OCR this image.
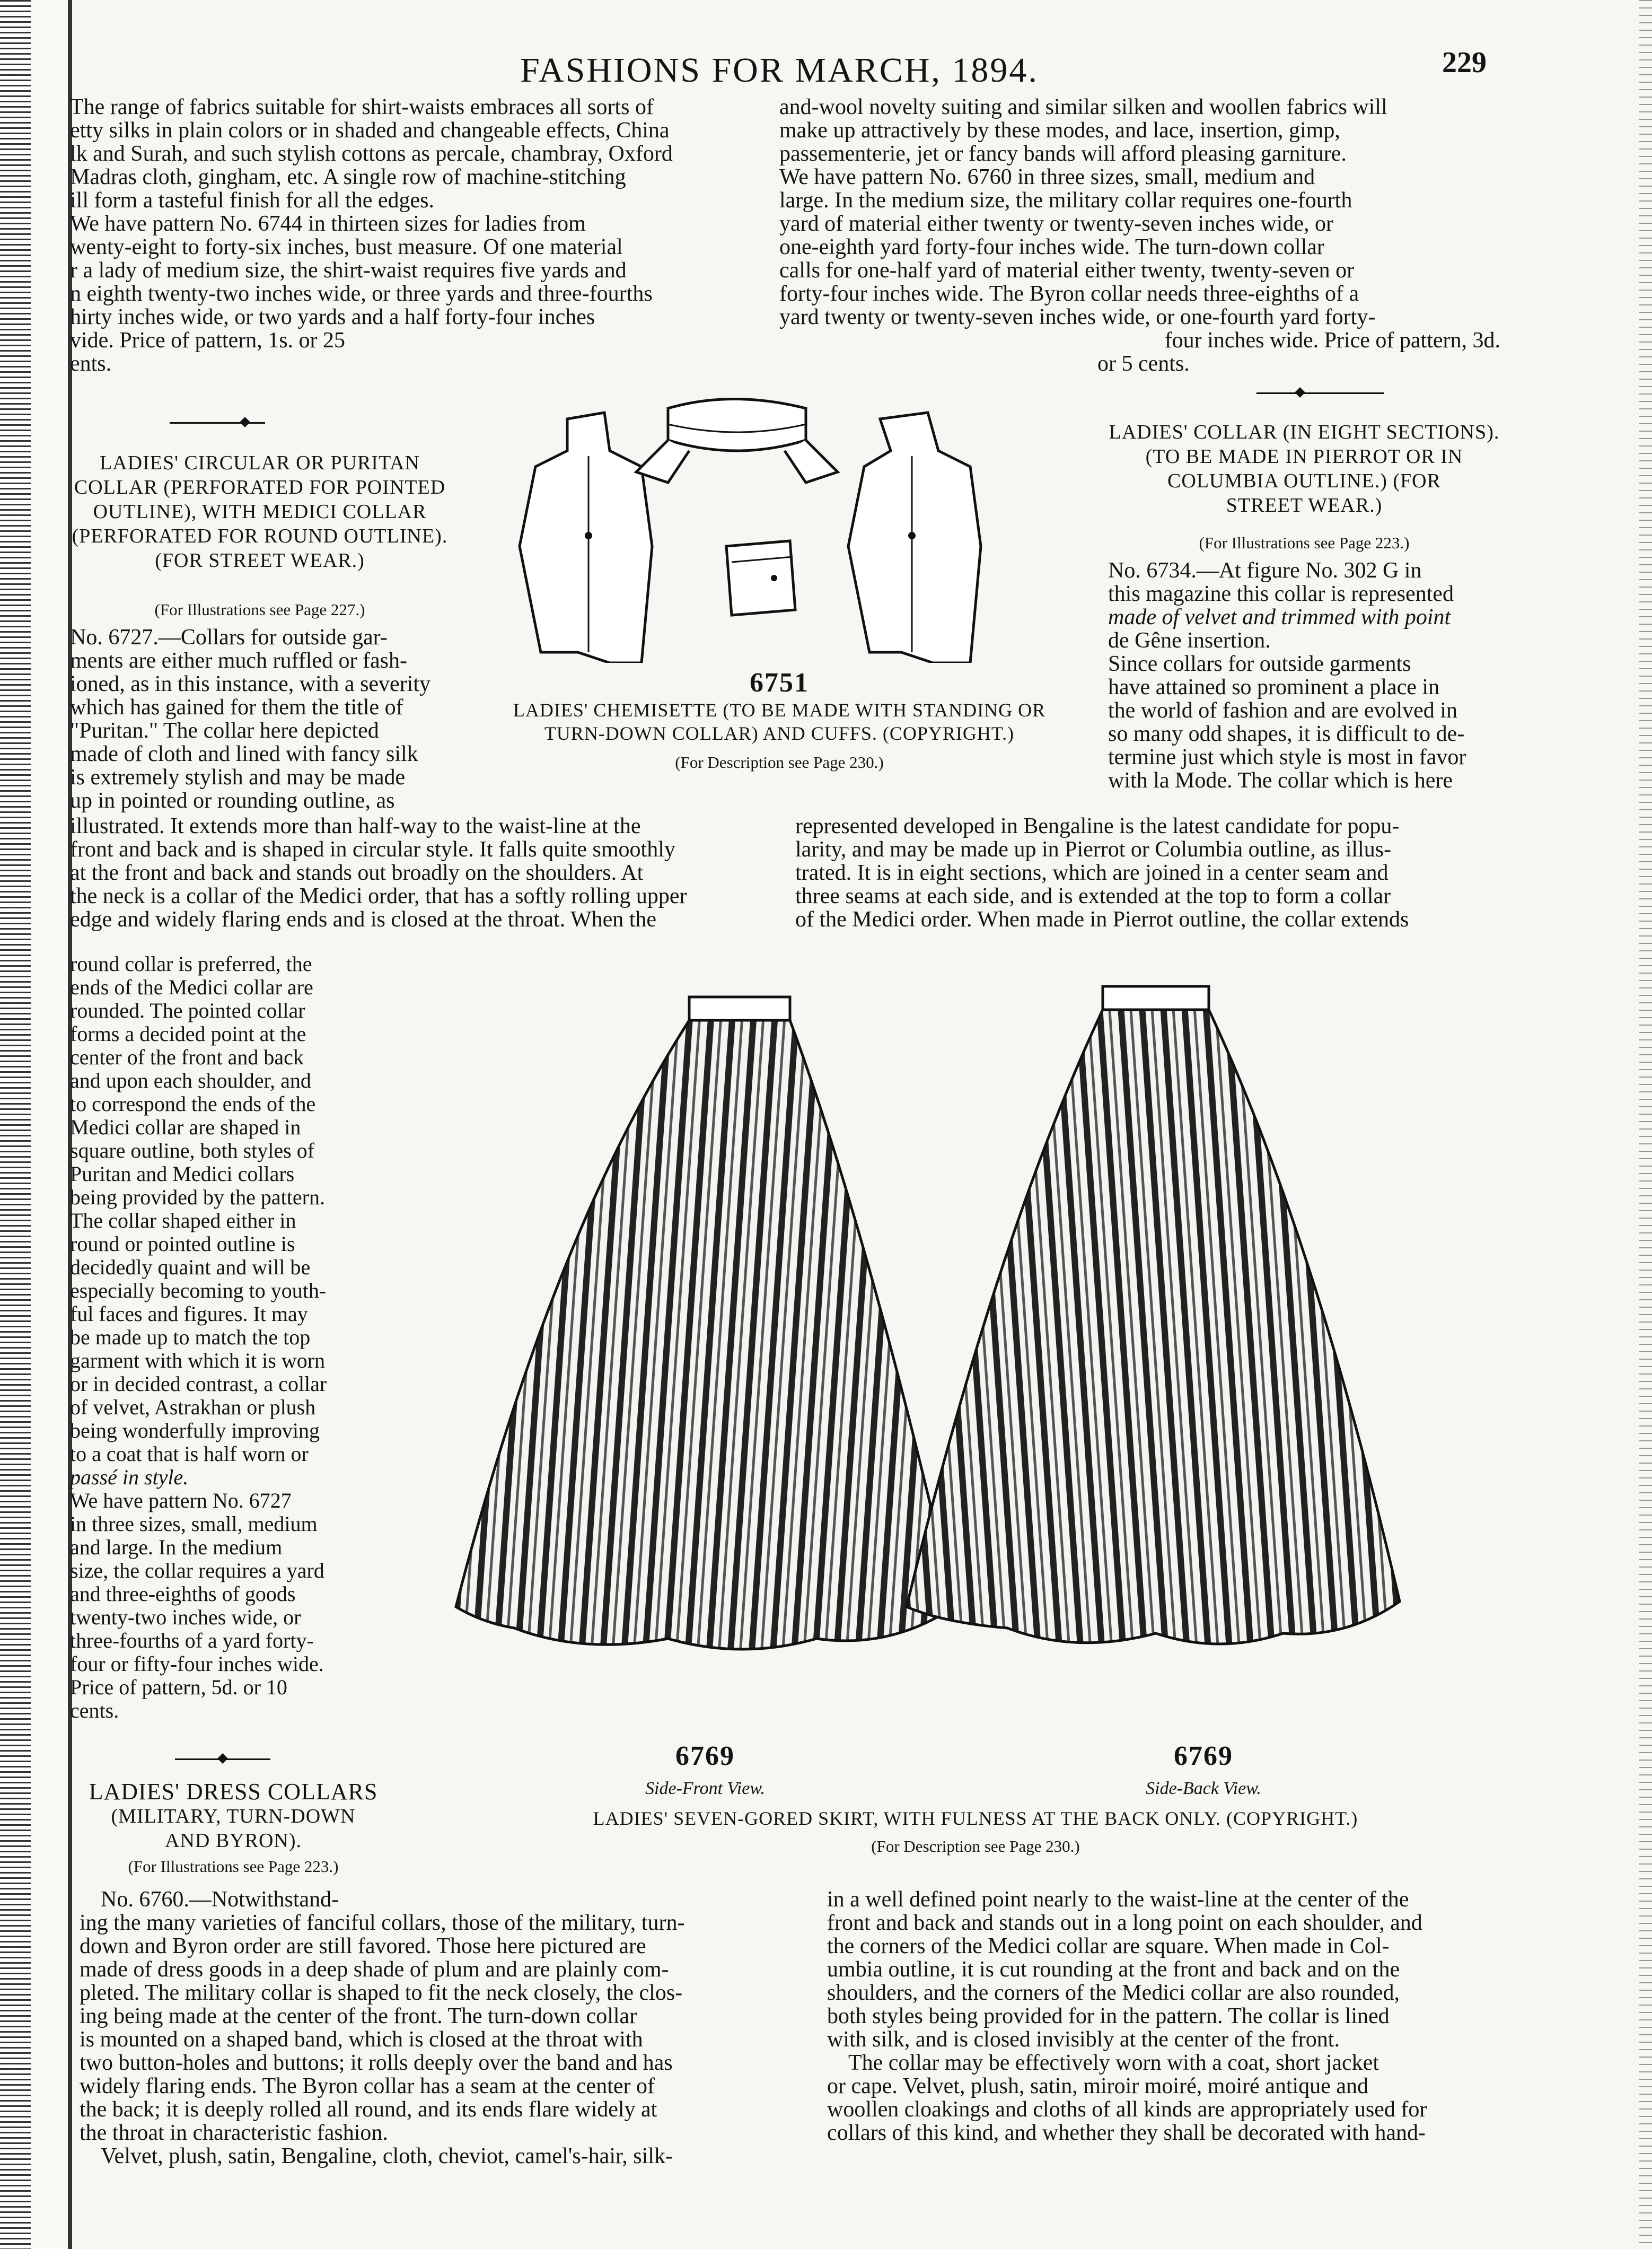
FASHIONS FOR MARCH, 1894.	229

The range of fabrics suitable for shirt-waists embraces all sorts of

etty silks in plain colors or in shaded and changeable effects, China

lk and Surah, and such stylish cottons as percale, chambray, Oxford

Madras cloth, gingham, etc. A single row of machine-stitching

ill form a tasteful finish for all the edges.

We have pattern No. 6744 in thirteen sizes for ladies from

wenty-eight to forty-six inches, bust measure. Of one material

r a lady of medium size, the shirt-waist requires five yards and

n eighth twenty-two inches wide, or three yards and three-fourths

hirty inches wide, or two yards and a half forty-four inches

vide. Price of pattern, 1s. or 25

ents.

and-wool novelty suiting and similar silken and woollen fabrics will

make up attractively by these modes, and lace, insertion, gimp,

passementerie, jet or fancy bands will afford pleasing garniture.

We have pattern No. 6760 in three sizes, small, medium and

large. In the medium size, the military collar requires one-fourth

yard of material either twenty or twenty-seven inches wide, or

one-eighth yard forty-four inches wide. The turn-down collar

calls for one-half yard of material either twenty, twenty-seven or

forty-four inches wide. The Byron collar needs three-eighths of a

yard twenty or twenty-seven inches wide, or one-fourth yard forty-

four inches wide. Price of pattern, 3d.

or 5 cents.

LADIES' CIRCULAR OR PURITAN
COLLAR (PERFORATED FOR POINTED
OUTLINE), WITH MEDICI COLLAR
(PERFORATED FOR ROUND OUTLINE).
(FOR STREET WEAR.)
(For Illustrations see Page 227.)

No. 6727.—Collars for outside gar-

ments are either much ruffled or fash-

ioned, as in this instance, with a severity

which has gained for them the title of

"Puritan." The collar here depicted

made of cloth and lined with fancy silk

is extremely stylish and may be made

up in pointed or rounding outline, as

6751
LADIES' CHEMISETTE (TO BE MADE WITH STANDING OR
TURN-DOWN COLLAR) AND CUFFS. (COPYRIGHT.)
(For Description see Page 230.)
LADIES' COLLAR (IN EIGHT SECTIONS).
(TO BE MADE IN PIERROT OR IN
COLUMBIA OUTLINE.) (FOR
STREET WEAR.)
(For Illustrations see Page 223.)

No. 6734.—At figure No. 302 G in

this magazine this collar is represented

made of velvet and trimmed with point

de Gêne insertion.

Since collars for outside garments

have attained so prominent a place in

the world of fashion and are evolved in

so many odd shapes, it is difficult to de-

termine just which style is most in favor

with la Mode. The collar which is here

illustrated. It extends more than half-way to the waist-line at the

front and back and is shaped in circular style. It falls quite smoothly

at the front and back and stands out broadly on the shoulders. At

the neck is a collar of the Medici order, that has a softly rolling upper

edge and widely flaring ends and is closed at the throat. When the

represented developed in Bengaline is the latest candidate for popu-

larity, and may be made up in Pierrot or Columbia outline, as illus-

trated. It is in eight sections, which are joined in a center seam and

three seams at each side, and is extended at the top to form a collar

of the Medici order. When made in Pierrot outline, the collar extends

round collar is preferred, the

ends of the Medici collar are

rounded. The pointed collar

forms a decided point at the

center of the front and back

and upon each shoulder, and

to correspond the ends of the

Medici collar are shaped in

square outline, both styles of

Puritan and Medici collars

being provided by the pattern.

The collar shaped either in

round or pointed outline is

decidedly quaint and will be

especially becoming to youth-

ful faces and figures. It may

be made up to match the top

garment with which it is worn

or in decided contrast, a collar

of velvet, Astrakhan or plush

being wonderfully improving

to a coat that is half worn or

passé in style.

We have pattern No. 6727

in three sizes, small, medium

and large. In the medium

size, the collar requires a yard

and three-eighths of goods

twenty-two inches wide, or

three-fourths of a yard forty-

four or fifty-four inches wide.

Price of pattern, 5d. or 10

cents.

6769	6769
Side-Front View.	Side-Back View.
LADIES' SEVEN-GORED SKIRT, WITH FULNESS AT THE BACK ONLY. (COPYRIGHT.)
(For Description see Page 230.)
LADIES' DRESS COLLARS
(MILITARY, TURN-DOWN
AND BYRON).
(For Illustrations see Page 223.)

No. 6760.—Notwithstand-

ing the many varieties of fanciful collars, those of the military, turn-

down and Byron order are still favored. Those here pictured are

made of dress goods in a deep shade of plum and are plainly com-

pleted. The military collar is shaped to fit the neck closely, the clos-

ing being made at the center of the front. The turn-down collar

is mounted on a shaped band, which is closed at the throat with

two button-holes and buttons; it rolls deeply over the band and has

widely flaring ends. The Byron collar has a seam at the center of

the back; it is deeply rolled all round, and its ends flare widely at

the throat in characteristic fashion.

Velvet, plush, satin, Bengaline, cloth, cheviot, camel's-hair, silk-

in a well defined point nearly to the waist-line at the center of the

front and back and stands out in a long point on each shoulder, and

the corners of the Medici collar are square. When made in Col-

umbia outline, it is cut rounding at the front and back and on the

shoulders, and the corners of the Medici collar are also rounded,

both styles being provided for in the pattern. The collar is lined

with silk, and is closed invisibly at the center of the front.

The collar may be effectively worn with a coat, short jacket

or cape. Velvet, plush, satin, miroir moiré, moiré antique and

woollen cloakings and cloths of all kinds are appropriately used for

collars of this kind, and whether they shall be decorated with hand-
